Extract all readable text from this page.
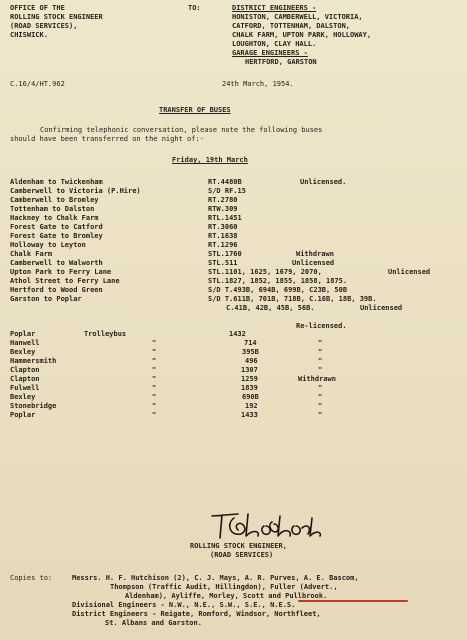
OFFICE OF THE
ROLLING STOCK ENGINEER
(ROAD SERVICES),
CHISWICK.
TO:	DISTRICT ENGINEERS -
HONISTON, CAMBERWELL, VICTORIA,
CATFORD, TOTTENHAM, DALSTON,
CHALK FARM, UPTON PARK, HOLLOWAY,
LOUGHTON, CLAY HALL.
GARAGE ENGINEERS -
HERTFORD, GARSTON
C.16/4/HT.962	24th March, 1954.
TRANSFER OF BUSES
Confirming telephonic conversation, please note the following buses
should have been transferred on the night of:-
Friday, 19th March
Aldenham to Twickenham	RT.4480B	Unlicensed.
Camberwell to Victoria (P.Hire)	S/D RF.15
Camberwell to Bromley	RT.2780
Tottenham to Dalston	RTW.309
Hackney to Chalk Farm	RTL.1451
Forest Gate to Catford	RT.3060
Forest Gate to Bromley	RT.1638
Holloway to Leyton	RT.1296
Chalk Farm	STL.1760	Withdrawn
Camberwell to Walworth	STL.511	Unlicensed
Upton Park to Ferry Lane	STL.1101, 1625, 1679, 2070,	Unlicensed
Athol Street to Ferry Lane	STL.1827, 1852, 1855, 1858, 1875.
Hertford to Wood Green	S/D T.493B, 694B, 699B, C23B, 50B
Garston to Poplar	S/D T.611B, 701B, 718B, C.16B, 18B, 39B.
C.41B, 42B, 45B, 56B.	Unlicensed
Re-licensed.
Poplar	Trolleybus	1432
Hanwell	"	714	"
Bexley	"	395B	"
Hammersmith	"	496	"
Clapton	"	1307	"
Clapton	"	1259	Withdrawn
Fulwell	"	1839	"
Bexley	"	690B	"
Stonebridge	"	192	"
Poplar	"	1433	"
ROLLING STOCK ENGINEER,
(ROAD SERVICES)
Copies to:	Messrs. H. F. Hutchison (2), C. J. Mays, A. R. Purves, A. E. Bascom,
Thompson (Traffic Audit, Hillingdon), Fuller (Advert.,
Aldenham), Ayliffe, Morley, Scott and Pullbrook.
Divisional Engineers - N.W., N.E., S.W., S.E., N.E.S.
District Engineers - Reigate, Romford, Windsor, Northfleet,
St. Albans and Garston.
